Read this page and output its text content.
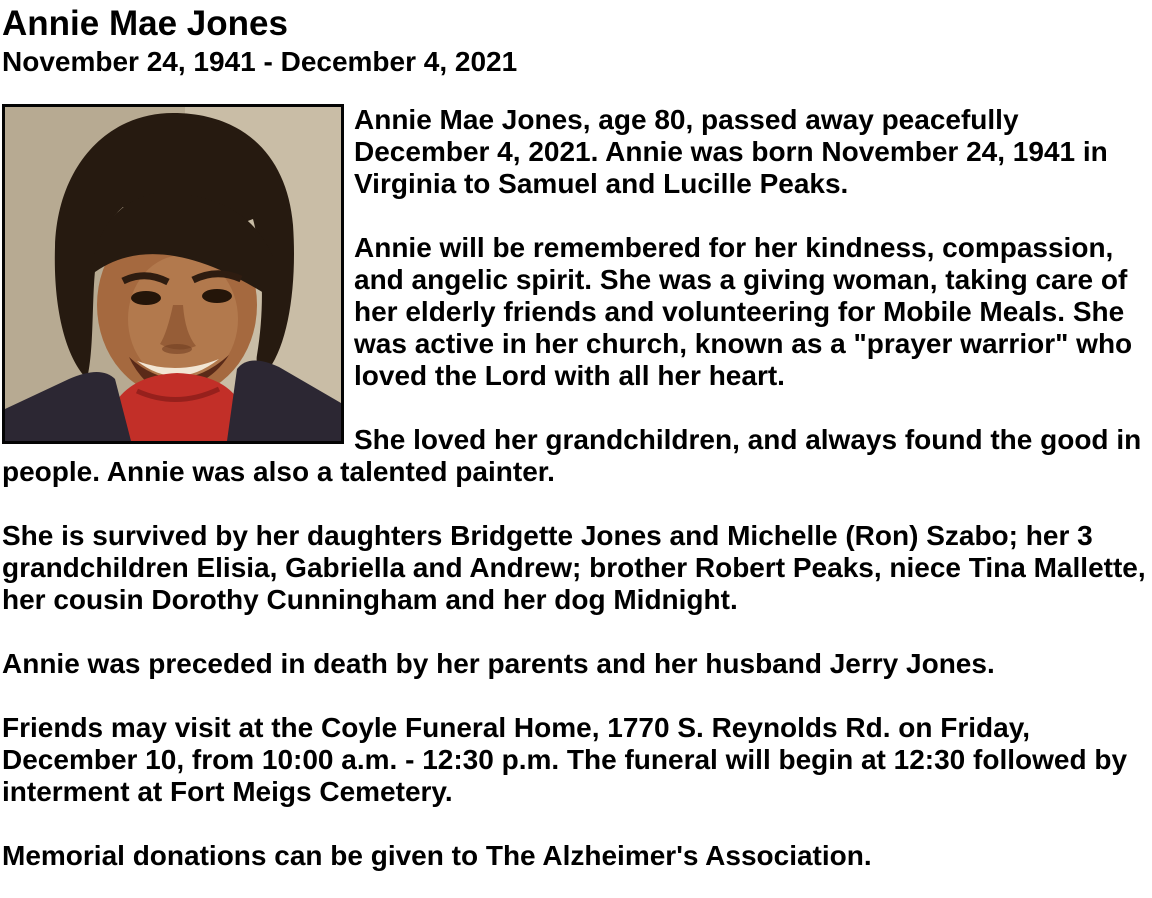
Annie Mae Jones
November 24, 1941 - December 4, 2021

Annie Mae Jones, age 80, passed away peacefully December 4, 2021. Annie was born November 24, 1941 in Virginia to Samuel and Lucille Peaks.

Annie will be remembered for her kindness, compassion, and angelic spirit. She was a giving woman, taking care of her elderly friends and volunteering for Mobile Meals. She was active in her church, known as a "prayer warrior" who loved the Lord with all her heart.

She loved her grandchildren, and always found the good in people. Annie was also a talented painter.

She is survived by her daughters Bridgette Jones and Michelle (Ron) Szabo; her 3 grandchildren Elisia, Gabriella and Andrew; brother Robert Peaks, niece Tina Mallette, her cousin Dorothy Cunningham and her dog Midnight.

Annie was preceded in death by her parents and her husband Jerry Jones.

Friends may visit at the Coyle Funeral Home, 1770 S. Reynolds Rd. on Friday, December 10, from 10:00 a.m. - 12:30 p.m. The funeral will begin at 12:30 followed by interment at Fort Meigs Cemetery.

Memorial donations can be given to The Alzheimer's Association.
